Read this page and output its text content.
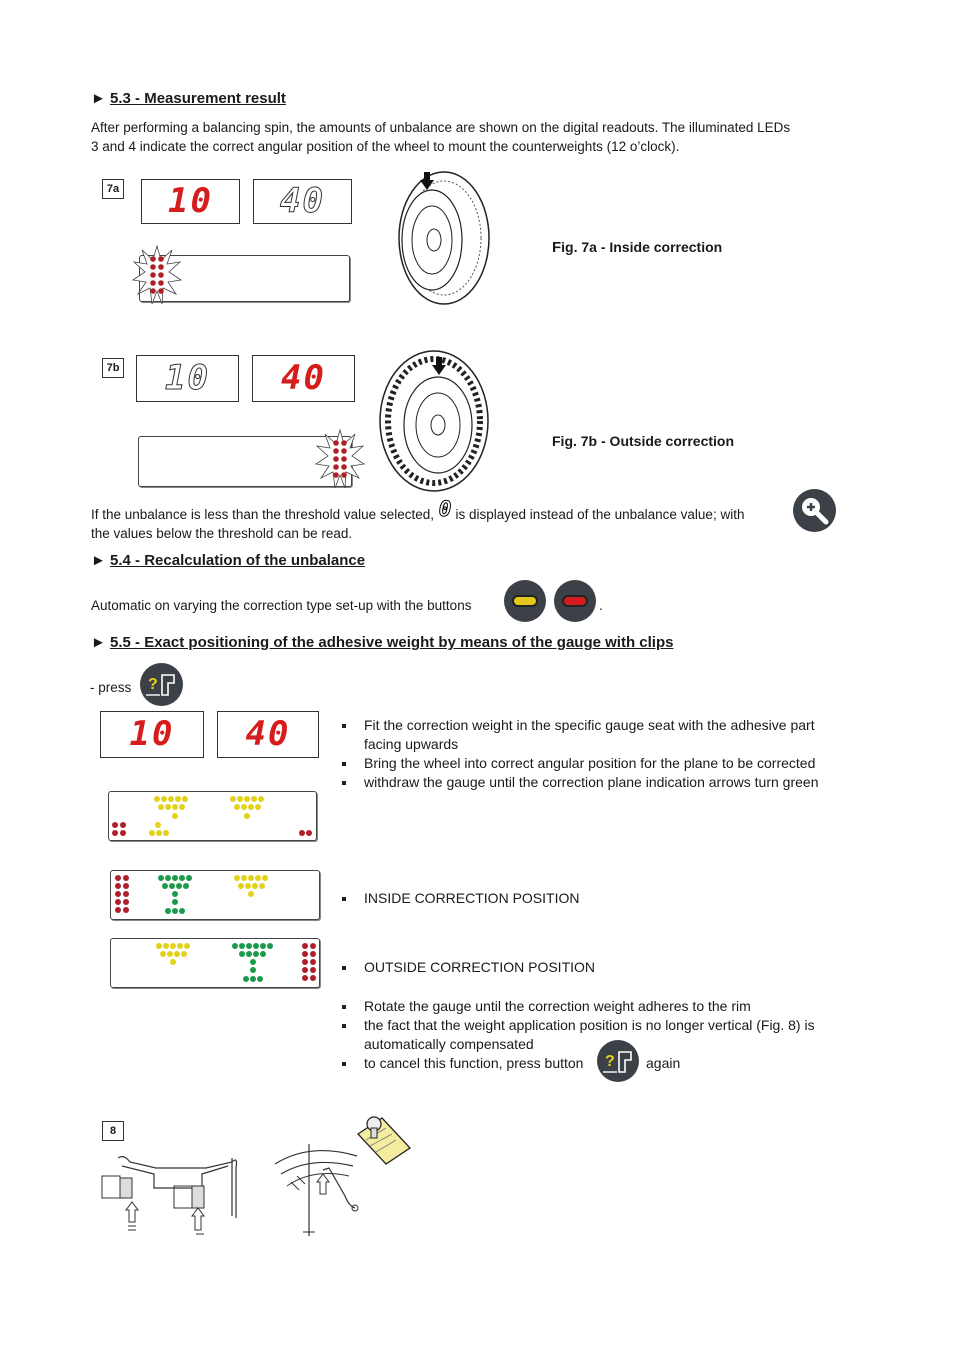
► 5.3 - Measurement result
After performing a balancing spin, the amounts of unbalance are shown on the digital readouts. The illuminated LEDs
3 and 4 indicate the correct angular position of the wheel to mount the counterweights (12 o’clock).
7a	10	40
Fig. 7a - Inside correction
7b	10	40
Fig. 7b - Outside correction
If the unbalance is less than the threshold value selected, 0 is displayed instead of the unbalance value; with
the values below the threshold can be read.
► 5.4 - Recalculation of the unbalance
Automatic on varying the correction type set-up with the buttons	.
► 5.5 - Exact positioning of the adhesive weight by means of the gauge with clips
- press ?
10	40	Fit the correction weight in the specific gauge seat with the adhesive part
facing upwards
Bring the wheel into correct angular position for the plane to be corrected
withdraw the gauge until the correction plane indication arrows turn green
INSIDE CORRECTION POSITION
OUTSIDE CORRECTION POSITION
Rotate the gauge until the correction weight adheres to the rim
the fact that the weight application position is no longer vertical (Fig. 8) is
automatically compensated
to cancel this function, press button ? again
8
